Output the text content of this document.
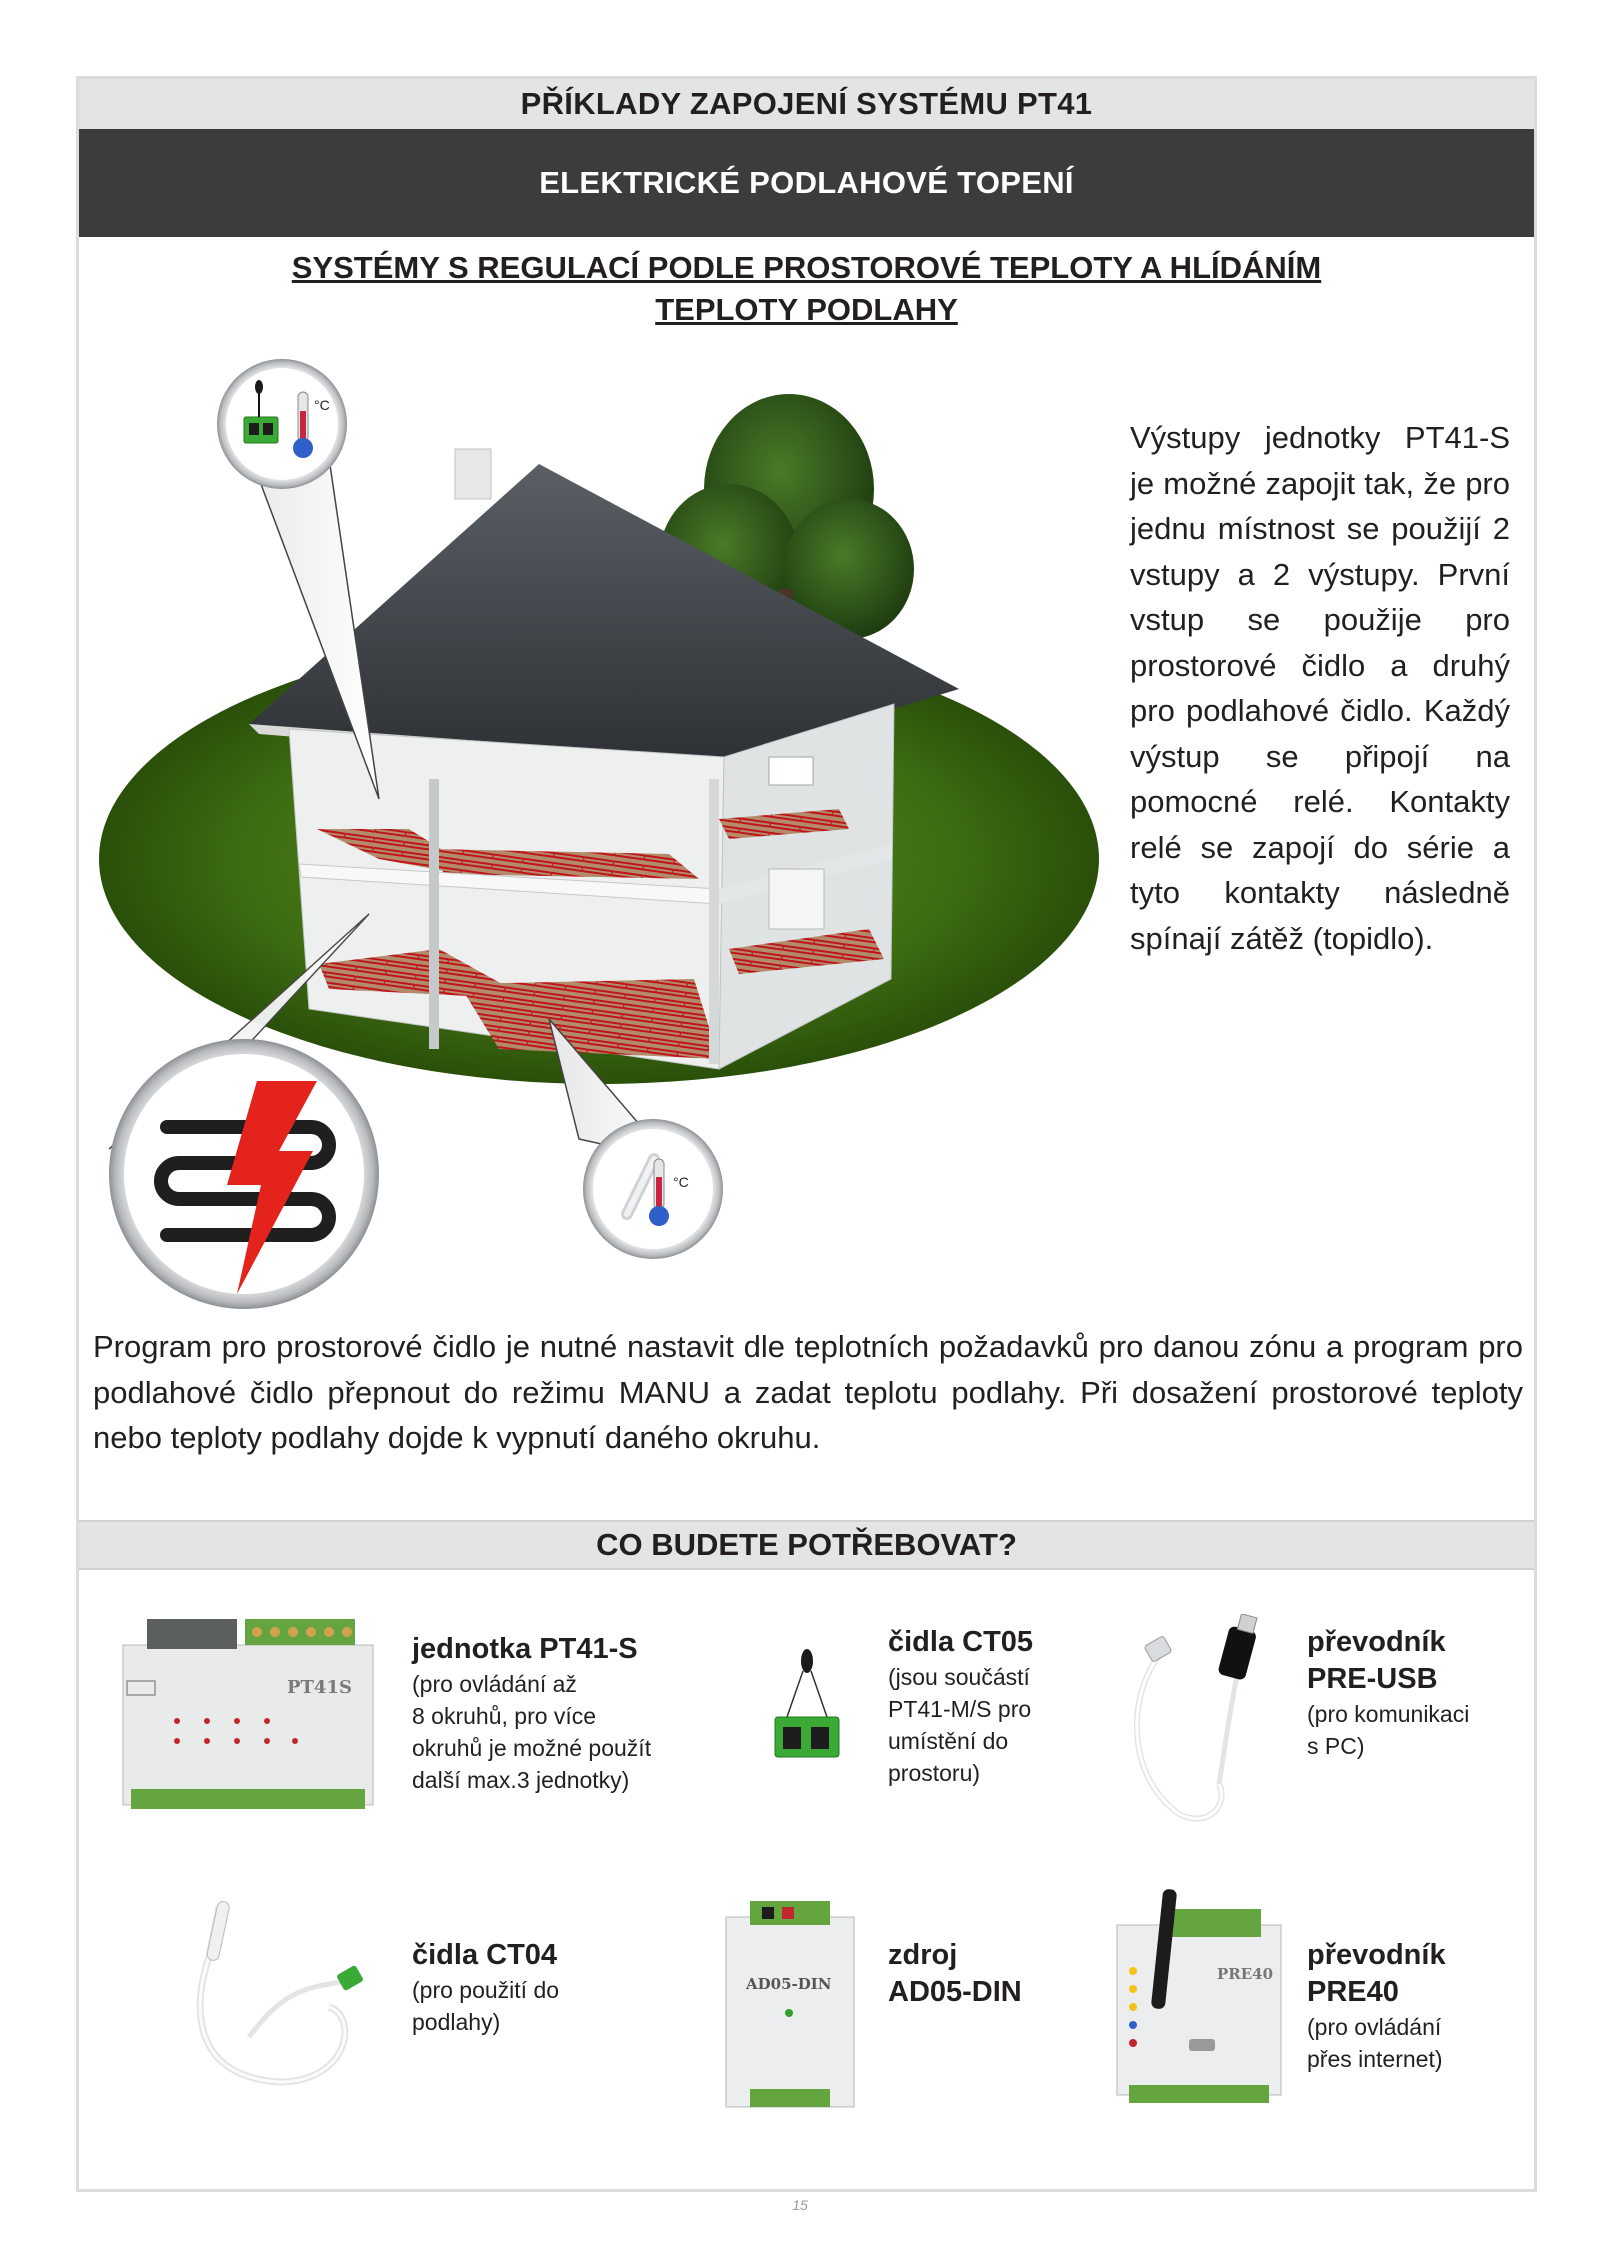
PŘÍKLADY ZAPOJENÍ SYSTÉMU PT41
ELEKTRICKÉ PODLAHOVÉ TOPENÍ
SYSTÉMY S REGULACÍ PODLE PROSTOROVÉ TEPLOTY A HLÍDÁNÍM
TEPLOTY PODLAHY
°C
°C
Výstupy jednotky PT41-S je možné zapojit tak, že pro jednu místnost se použijí 2 vstupy a 2 výstupy. První vstup se použije pro prostorové čidlo a druhý pro podlahové čidlo. Každý výstup se připojí na pomocné relé. Kontakty relé se zapojí do série a tyto kontakty následně spínají zátěž (topidlo).
Program pro prostorové čidlo je nutné nastavit dle teplotních požadavků pro danou zónu a program pro podlahové čidlo přepnout do režimu MANU a zadat teplotu podlahy. Při dosažení prostorové teploty nebo teploty podlahy dojde k vypnutí daného okruhu.
CO BUDETE POTŘEBOVAT?
PT41S
jednotka PT41-S
(pro ovládání až
8 okruhů, pro více
okruhů je možné použít
další max.3 jednotky)
čidla CT05
(jsou součástí
PT41-M/S pro
umístění do
prostoru)
převodník
PRE-USB
(pro komunikaci
s PC)
čidla CT04
(pro použití do
podlahy)
AD05-DIN
zdroj
AD05-DIN
PRE40
převodník
PRE40
(pro ovládání
přes internet)
15
